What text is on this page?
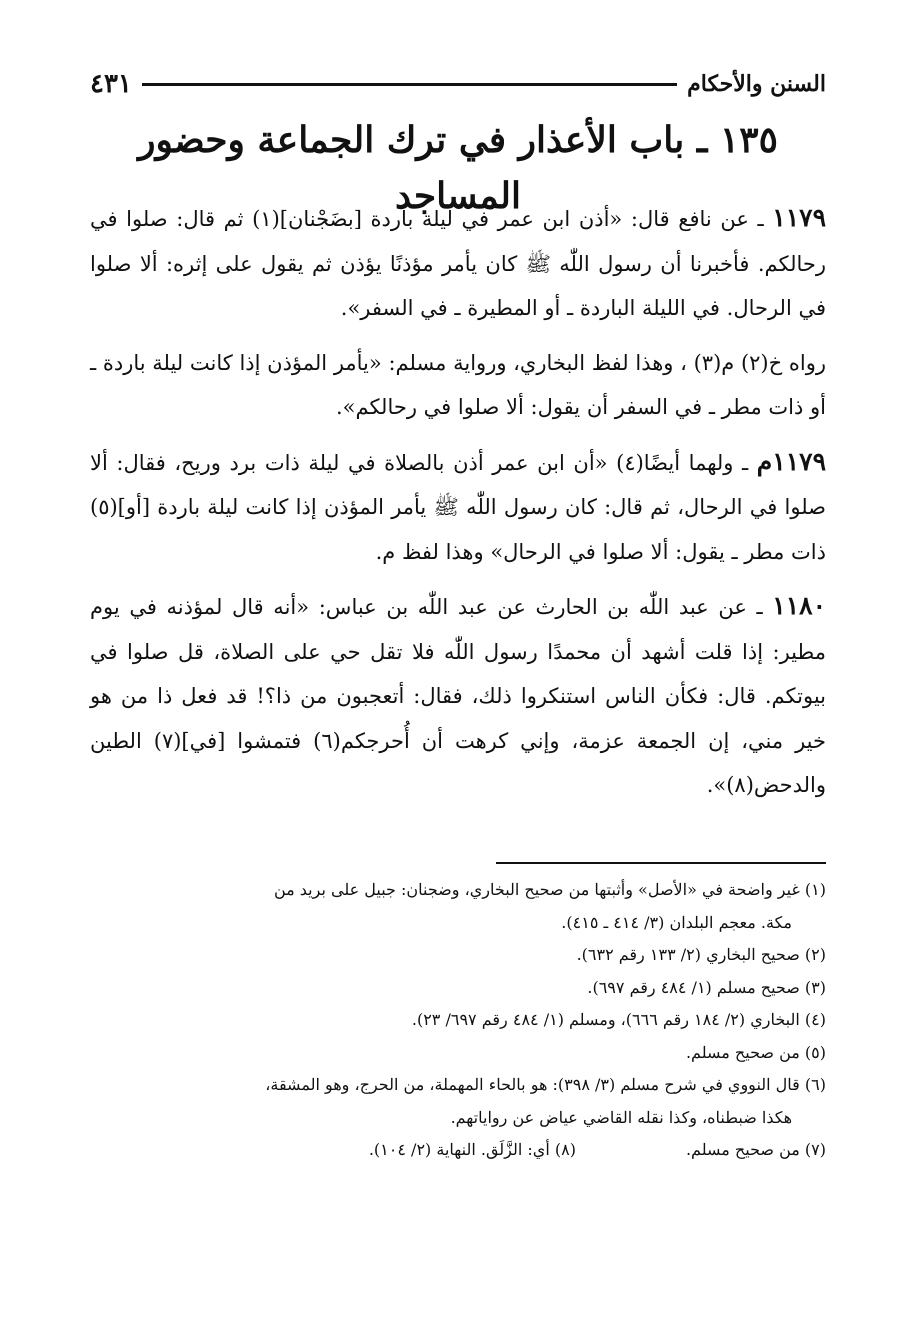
السنن والأحكام
٤٣١
١٣٥ ـ باب الأعذار في ترك الجماعة وحضور المساجد

١١٧٩ ـ عن نافع قال: «أذن ابن عمر في ليلة باردة [بضَجْنان](١) ثم قال: صلوا في رحالكم. فأخبرنا أن رسول اللّٰه ﷺ كان يأمر مؤذنًا يؤذن ثم يقول على إثره: ألا صلوا في الرحال. في الليلة الباردة ـ أو المطيرة ـ في السفر».

رواه خ(٢) م(٣) ، وهذا لفظ البخاري، ورواية مسلم: «يأمر المؤذن إذا كانت ليلة باردة ـ أو ذات مطر ـ في السفر أن يقول: ألا صلوا في رحالكم».

١١٧٩م ـ ولهما أيضًا(٤) «أن ابن عمر أذن بالصلاة في ليلة ذات برد وريح، فقال: ألا صلوا في الرحال، ثم قال: كان رسول اللّٰه ﷺ يأمر المؤذن إذا كانت ليلة باردة [أو](٥) ذات مطر ـ يقول: ألا صلوا في الرحال» وهذا لفظ م.

١١٨٠ ـ عن عبد اللّٰه بن الحارث عن عبد اللّٰه بن عباس: «أنه قال لمؤذنه في يوم مطير: إذا قلت أشهد أن محمدًا رسول اللّٰه فلا تقل حي على الصلاة، قل صلوا في بيوتكم. قال: فكأن الناس استنكروا ذلك، فقال: أتعجبون من ذا؟! قد فعل ذا من هو خير مني، إن الجمعة عزمة، وإني كرهت أن أُحرجكم(٦) فتمشوا [في](٧) الطين والدحض(٨)».

(١) غير واضحة في «الأصل» وأثبتها من صحيح البخاري، وضجنان: جبيل على بريد من

مكة. معجم البلدان (٣/ ٤١٤ ـ ٤١٥).

(٢) صحيح البخاري (٢/ ١٣٣ رقم ٦٣٢).

(٣) صحيح مسلم (١/ ٤٨٤ رقم ٦٩٧).

(٤) البخاري (٢/ ١٨٤ رقم ٦٦٦)، ومسلم (١/ ٤٨٤ رقم ٦٩٧/ ٢٣).

(٥) من صحيح مسلم.

(٦) قال النووي في شرح مسلم (٣/ ٣٩٨): هو بالحاء المهملة، من الحرج، وهو المشقة،

هكذا ضبطناه، وكذا نقله القاضي عياض عن رواياتهم.

(٧) من صحيح مسلم.

(٨) أي: الزَّلَق. النهاية (٢/ ١٠٤).
